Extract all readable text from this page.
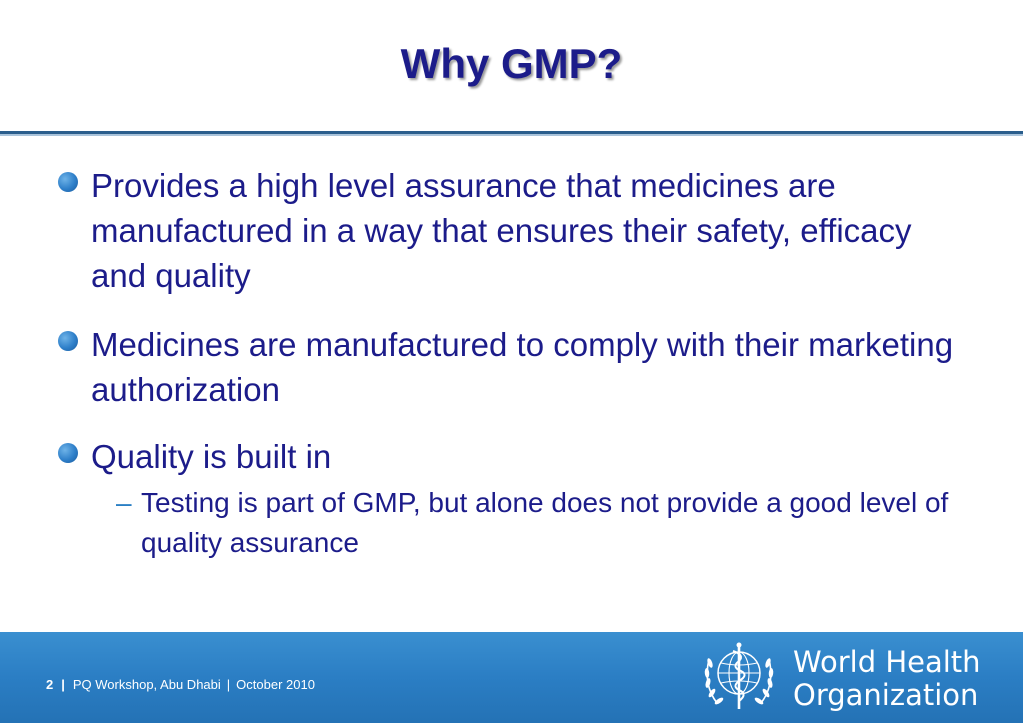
Why GMP?

Provides a high level assurance that medicines are manufactured in a way that ensures their safety, efficacy and quality

Medicines are manufactured to comply with their marketing authorization

Quality is built in

– Testing is part of GMP, but alone does not provide a good level of quality assurance

2 | PQ Workshop, Abu Dhabi | October 2010
World Health
Organization
